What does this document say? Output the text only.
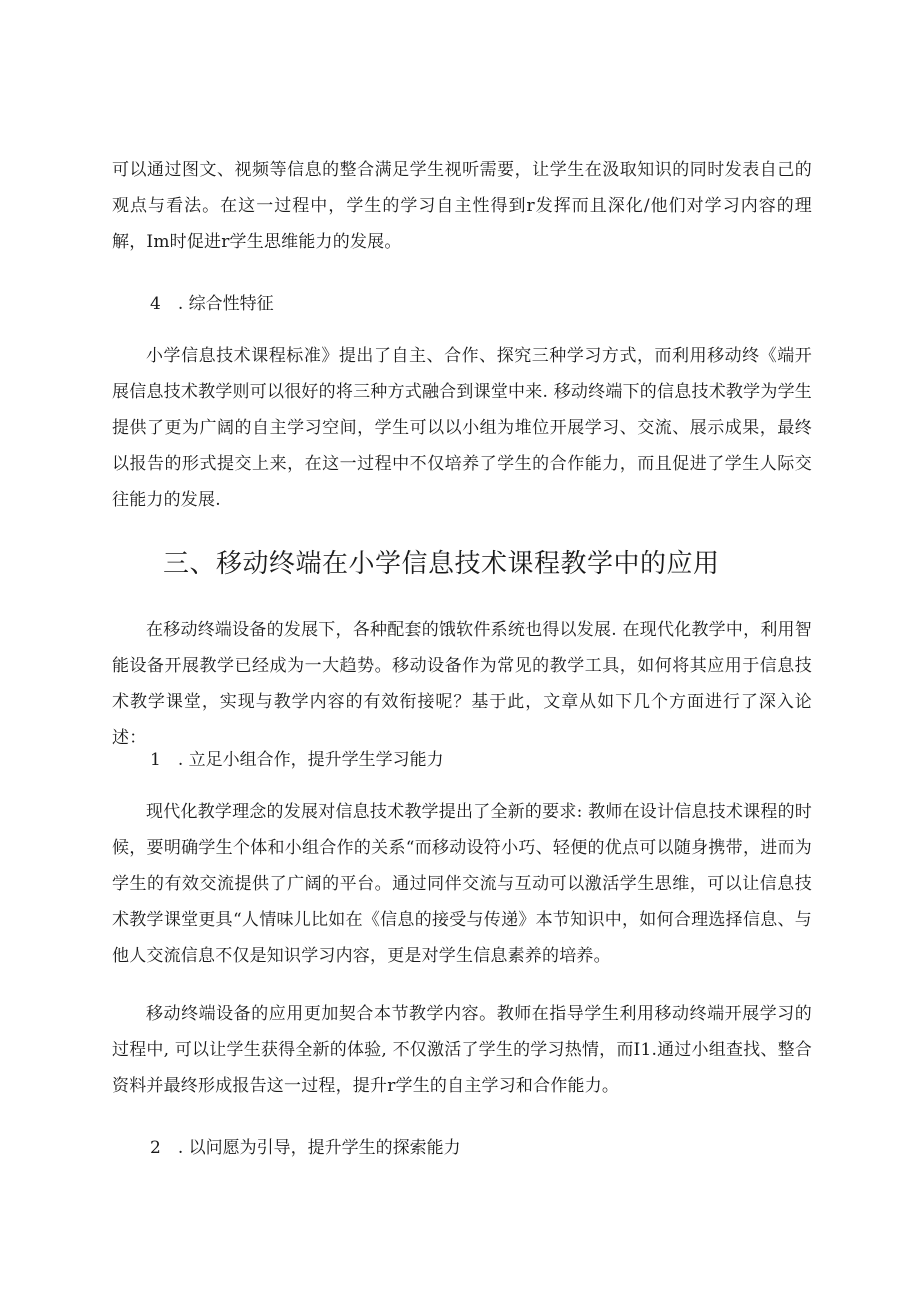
可以通过图文、视频等信息的整合满足学生视听需要，让学生在汲取知识的同时发表自己的观点与看法。在这一过程中，学生的学习自主性得到r发挥而且深化/他们对学习内容的理解，Im时促进r学生思维能力的发展。

4　. 综合性特征

小学信息技术课程标准》提出了自主、合作、探究三种学习方式，而利用移动终《端开展信息技术教学则可以很好的将三种方式融合到课堂中来. 移动终端下的信息技术教学为学生提供了更为广阔的自主学习空间，学生可以以小组为堆位开展学习、交流、展示成果，最终以报告的形式提交上来，在这一过程中不仅培养了学生的合作能力，而且促进了学生人际交往能力的发展.

三、移动终端在小学信息技术课程教学中的应用

在移动终端设备的发展下，各种配套的饿软件系统也得以发展. 在现代化教学中，利用智能设备开展教学已经成为一大趋势。移动设备作为常见的教学工具，如何将其应用于信息技术教学课堂，实现与教学内容的有效衔接呢？基于此，文章从如下几个方面进行了深入论述：

1　. 立足小组合作，提升学生学习能力

现代化教学理念的发展对信息技术教学提出了全新的要求: 教师在设计信息技术课程的时候，要明确学生个体和小组合作的关系“而移动设符小巧、轻便的优点可以随身携带，进而为学生的有效交流提供了广阔的平台。通过同伴交流与互动可以激活学生思维，可以让信息技术教学课堂更具“人情味儿比如在《信息的接受与传递》本节知识中，如何合理选择信息、与他人交流信息不仅是知识学习内容，更是对学生信息素养的培养。

移动终端设备的应用更加契合本节教学内容。教师在指导学生利用移动终端开展学习的过程中, 可以让学生获得全新的体验, 不仅激活了学生的学习热情，而I1.通过小组查找、整合资料并最终形成报告这一过程，提升r学生的自主学习和合作能力。

2　. 以问愿为引导，提升学生的探索能力
